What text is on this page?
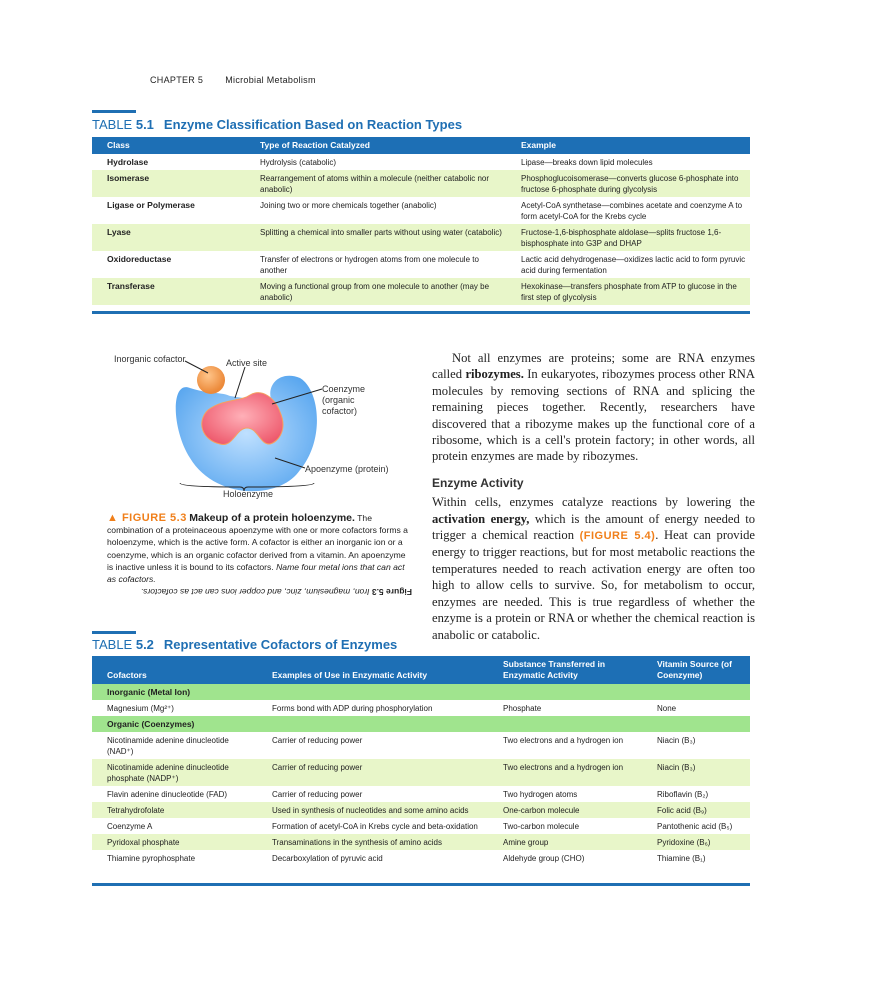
CHAPTER 5 Microbial Metabolism
TABLE 5.1 Enzyme Classification Based on Reaction Types
Class	Type of Reaction Catalyzed	Example
Hydrolase	Hydrolysis (catabolic)	Lipase—breaks down lipid molecules
Isomerase	Rearrangement of atoms within a molecule (neither catabolic nor anabolic)	Phosphoglucoisomerase—converts glucose 6-phosphate into fructose 6-phosphate during glycolysis
Ligase or Polymerase	Joining two or more chemicals together (anabolic)	Acetyl-CoA synthetase—combines acetate and coenzyme A to form acetyl-CoA for the Krebs cycle
Lyase	Splitting a chemical into smaller parts without using water (catabolic)	Fructose-1,6-bisphosphate aldolase—splits fructose 1,6-bisphosphate into G3P and DHAP
Oxidoreductase	Transfer of electrons or hydrogen atoms from one molecule to another	Lactic acid dehydrogenase—oxidizes lactic acid to form pyruvic acid during fermentation
Transferase	Moving a functional group from one molecule to another (may be anabolic)	Hexokinase—transfers phosphate from ATP to glucose in the first step of glycolysis
Inorganic cofactor	Active site
Coenzyme
(organic
cofactor)
Apoenzyme (protein)
Holoenzyme
▲ FIGURE 5.3 Makeup of a protein holoenzyme. The combination of a proteinaceous apoenzyme with one or more cofactors forms a holoenzyme, which is the active form. A cofactor is either an inorganic ion or a coenzyme, which is an organic cofactor derived from a vitamin. An apoenzyme is inactive unless it is bound to its cofactors. Name four metal ions that can act as cofactors.
Figure 5.3 Iron, magnesium, zinc, and copper ions can act as cofactors.

Not all enzymes are proteins; some are RNA enzymes called ribozymes. In eukaryotes, ribozymes process other RNA molecules by removing sections of RNA and splicing the remaining pieces together. Recently, researchers have discovered that a ribozyme makes up the functional core of a ribosome, which is a cell's protein factory; in other words, all protein enzymes are made by ribozymes.

Enzyme Activity

Within cells, enzymes catalyze reactions by lowering the activation energy, which is the amount of energy needed to trigger a chemical reaction (FIGURE 5.4). Heat can provide energy to trigger reactions, but for most metabolic reactions the temperatures needed to reach activation energy are often too high to allow cells to survive. So, for metabolism to occur, enzymes are needed. This is true regardless of whether the enzyme is a protein or RNA or whether the chemical reaction is anabolic or catabolic.

TABLE 5.2 Representative Cofactors of Enzymes
Cofactors	Examples of Use in Enzymatic Activity	Substance Transferred in Enzymatic Activity	Vitamin Source (of Coenzyme)
Inorganic (Metal Ion)			
Magnesium (Mg²⁺)	Forms bond with ADP during phosphorylation	Phosphate	None
Organic (Coenzymes)			
Nicotinamide adenine dinucleotide (NAD⁺)	Carrier of reducing power	Two electrons and a hydrogen ion	Niacin (B₃)
Nicotinamide adenine dinucleotide phosphate (NADP⁺)	Carrier of reducing power	Two electrons and a hydrogen ion	Niacin (B₃)
Flavin adenine dinucleotide (FAD)	Carrier of reducing power	Two hydrogen atoms	Riboflavin (B₂)
Tetrahydrofolate	Used in synthesis of nucleotides and some amino acids	One-carbon molecule	Folic acid (B₉)
Coenzyme A	Formation of acetyl-CoA in Krebs cycle and beta-oxidation	Two-carbon molecule	Pantothenic acid (B₅)
Pyridoxal phosphate	Transaminations in the synthesis of amino acids	Amine group	Pyridoxine (B₆)
Thiamine pyrophosphate	Decarboxylation of pyruvic acid	Aldehyde group (CHO)	Thiamine (B₁)
